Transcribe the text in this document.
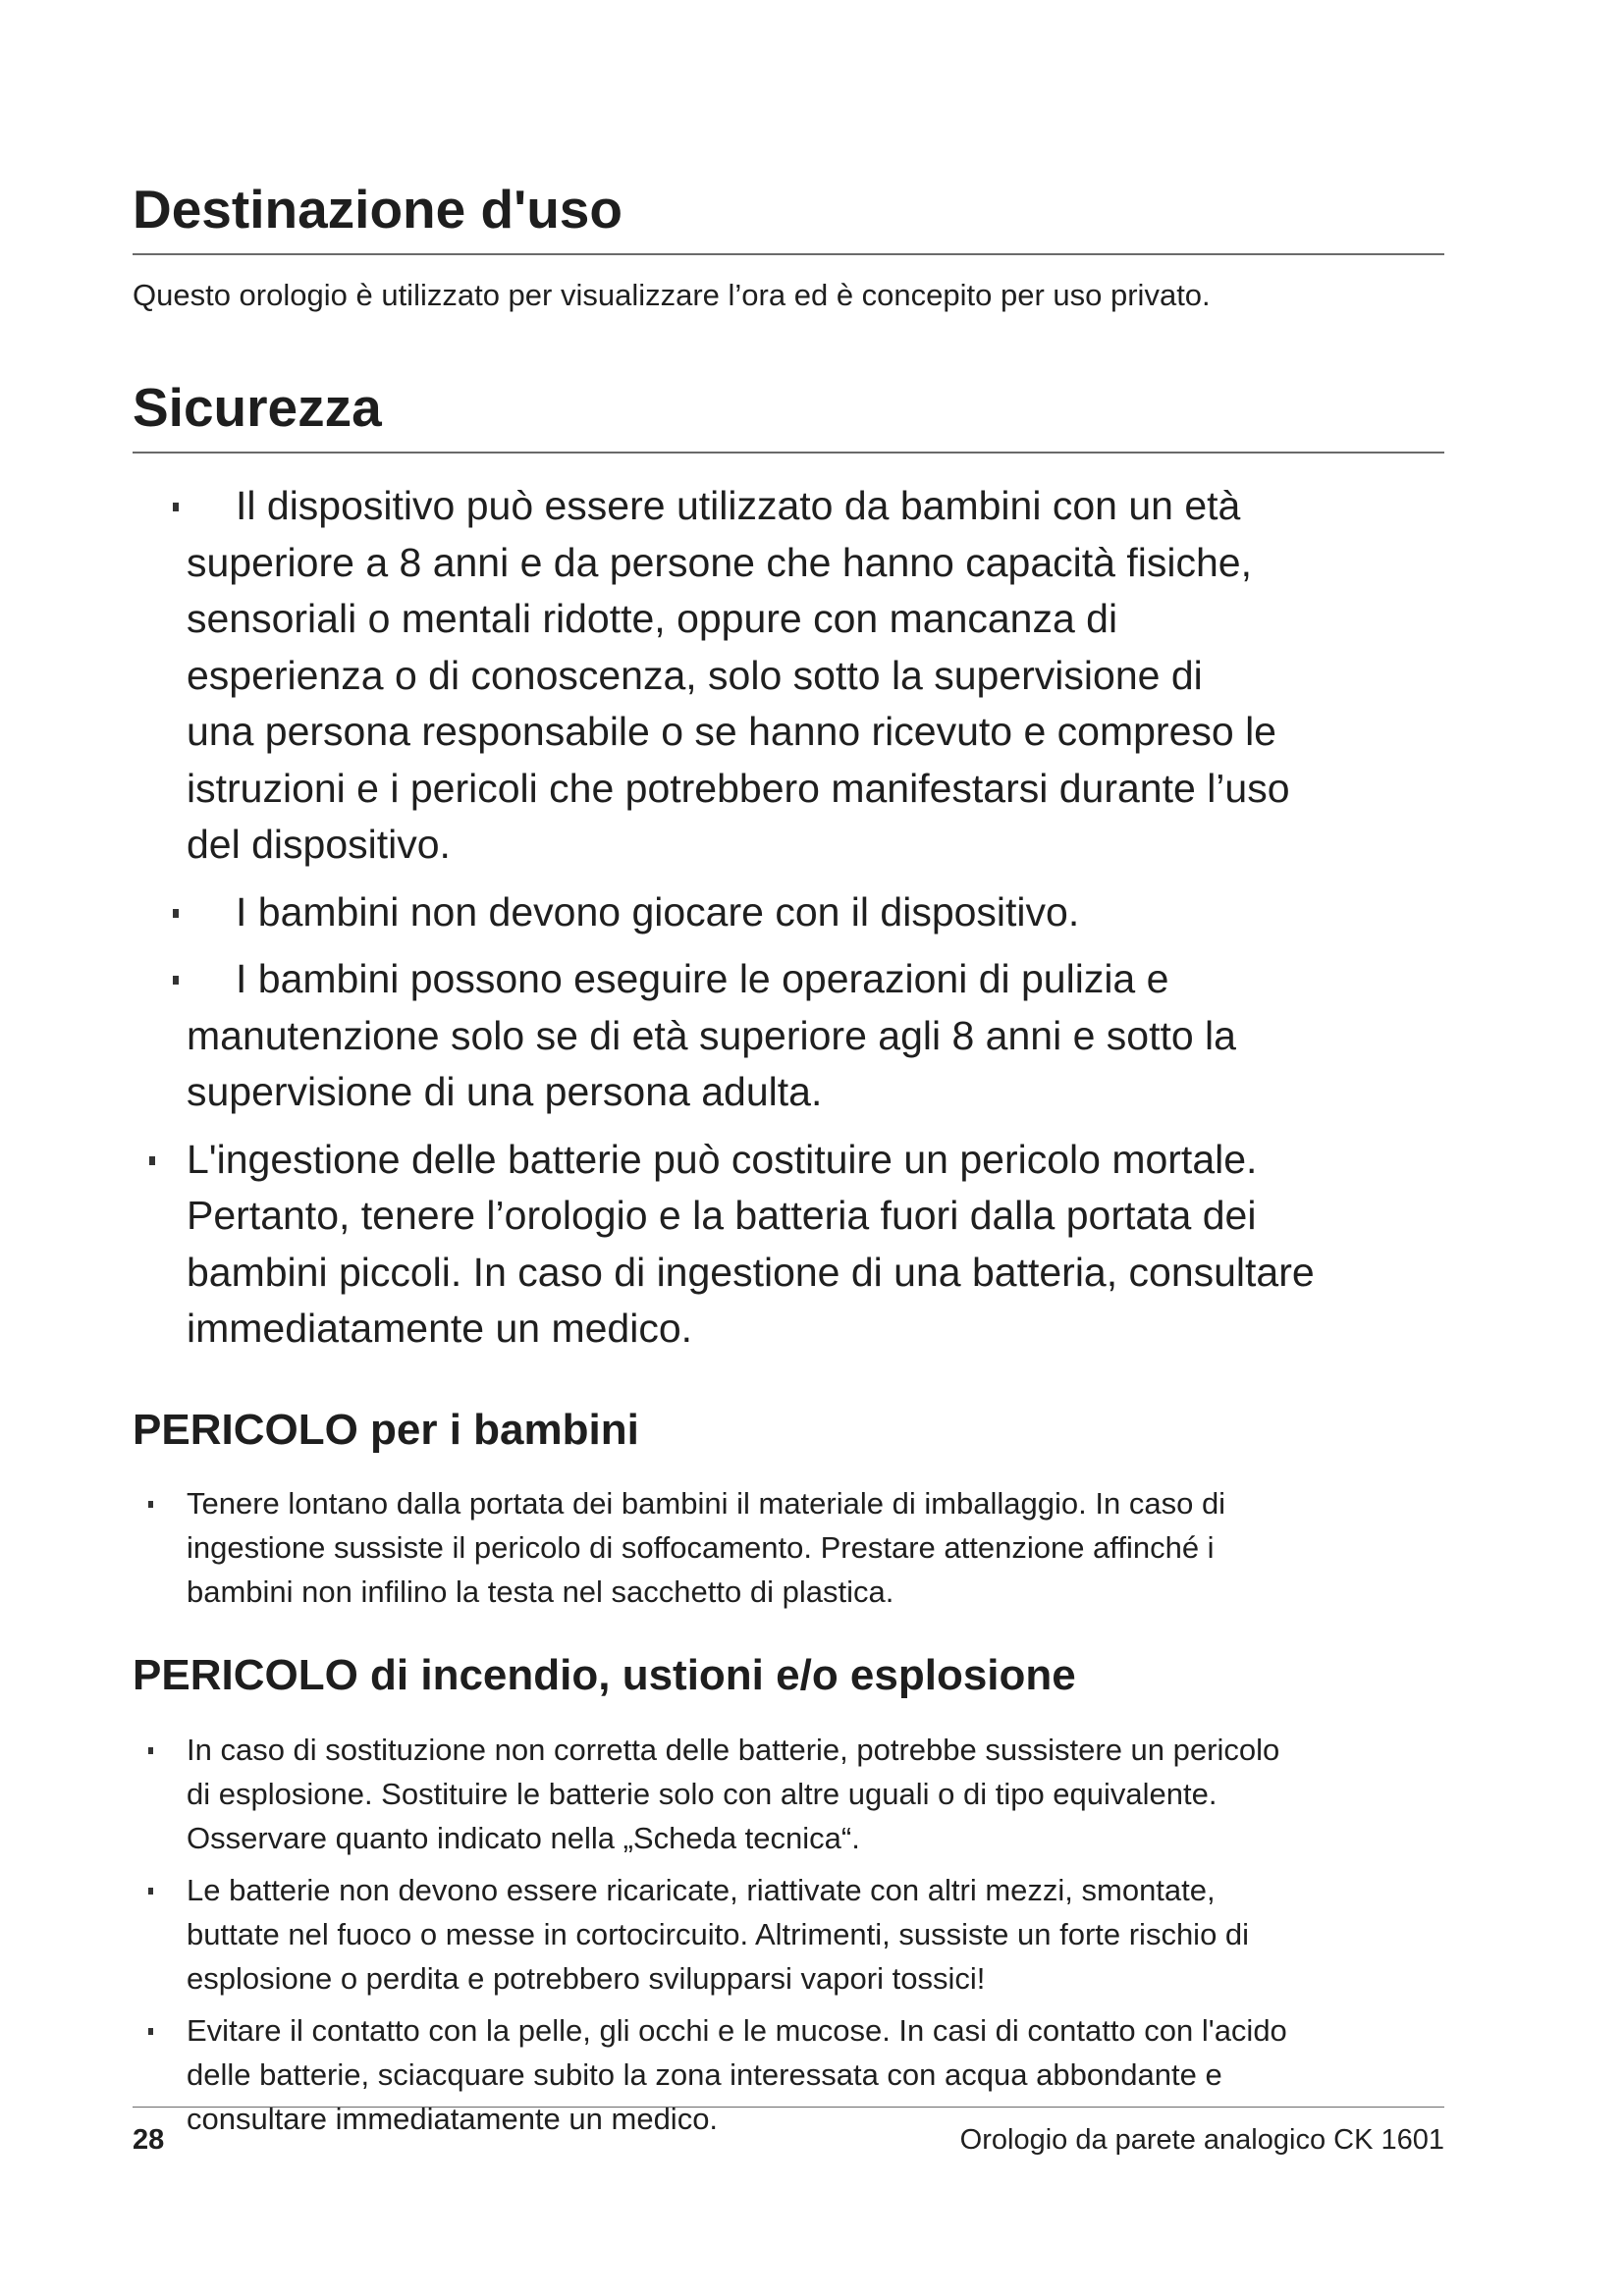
Destinazione d'uso
Questo orologio è utilizzato per visualizzare l’ora ed è concepito per uso privato.
Sicurezza
Il dispositivo può essere utilizzato da bambini con un età
superiore a 8 anni e da persone che hanno capacità fisiche,
sensoriali o mentali ridotte, oppure con mancanza di
esperienza o di conoscenza, solo sotto la supervisione di
una persona responsabile o se hanno ricevuto e compreso le
istruzioni e i pericoli che potrebbero manifestarsi durante l’uso
del dispositivo.
I bambini non devono giocare con il dispositivo.
I bambini possono eseguire le operazioni di pulizia e
manutenzione solo se di età superiore agli 8 anni e sotto la
supervisione di una persona adulta.
L'ingestione delle batterie può costituire un pericolo mortale.
Pertanto, tenere l’orologio e la batteria fuori dalla portata dei
bambini piccoli. In caso di ingestione di una batteria, consultare
immediatamente un medico.
PERICOLO per i bambini
Tenere lontano dalla portata dei bambini il materiale di imballaggio. In caso di
ingestione sussiste il pericolo di soffocamento. Prestare attenzione affinché i
bambini non infilino la testa nel sacchetto di plastica.
PERICOLO di incendio, ustioni e/o esplosione
In caso di sostituzione non corretta delle batterie, potrebbe sussistere un pericolo
di esplosione. Sostituire le batterie solo con altre uguali o di tipo equivalente.
Osservare quanto indicato nella „Scheda tecnica“.
Le batterie non devono essere ricaricate, riattivate con altri mezzi, smontate,
buttate nel fuoco o messe in cortocircuito. Altrimenti, sussiste un forte rischio di
esplosione o perdita e potrebbero svilupparsi vapori tossici!
Evitare il contatto con la pelle, gli occhi e le mucose. In casi di contatto con l'acido
delle batterie, sciacquare subito la zona interessata con acqua abbondante e
consultare immediatamente un medico.
28	Orologio da parete analogico CK 1601
